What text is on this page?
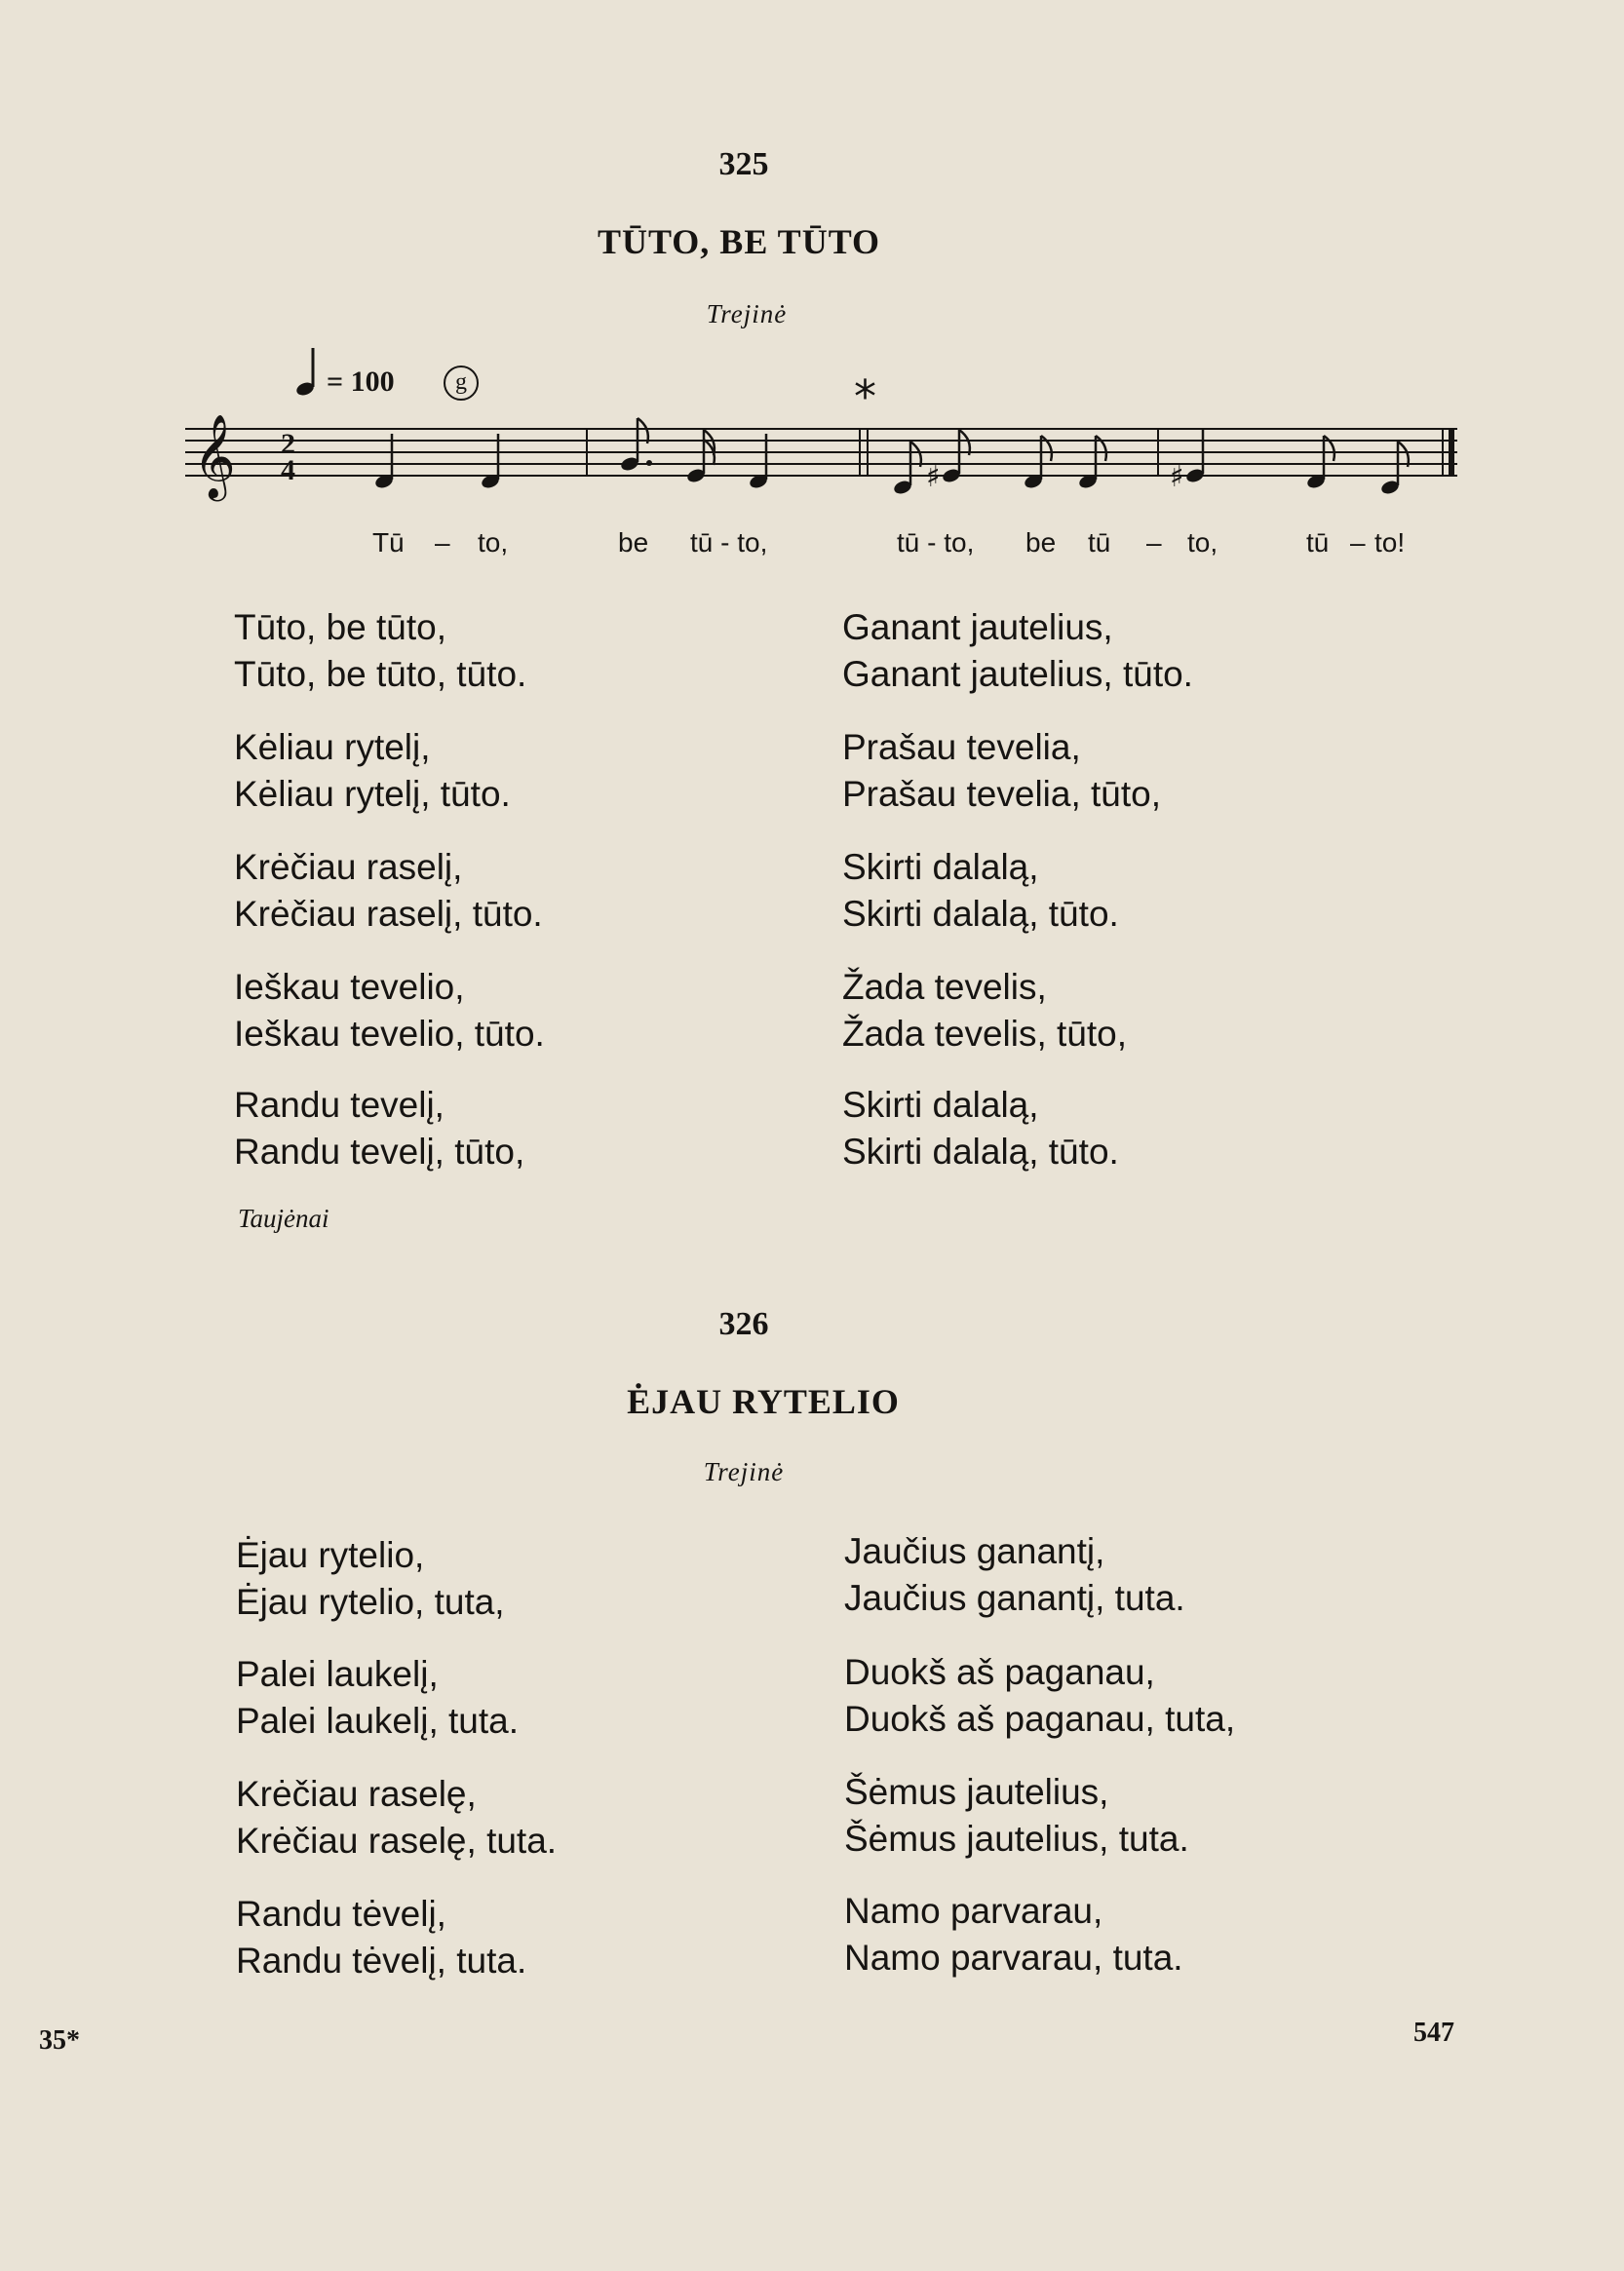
325
TŪTO, BE TŪTO
Trejinė
= 100	g	*
𝄞 2
4	♯	♯
Tū – to,	be tū - to,	tū - to, be tū – to,	tū – to!
Tūto, be tūto,
Tūto, be tūto, tūto.
Kėliau rytelį,
Kėliau rytelį, tūto.
Krėčiau raselį,
Krėčiau raselį, tūto.
Ieškau tevelio,
Ieškau tevelio, tūto.
Randu tevelį,
Randu tevelį, tūto,
Ganant jautelius,
Ganant jautelius, tūto.
Prašau tevelia,
Prašau tevelia, tūto,
Skirti dalalą,
Skirti dalalą, tūto.
Žada tevelis,
Žada tevelis, tūto,
Skirti dalalą,
Skirti dalalą, tūto.
Taujėnai
326
ĖJAU RYTELIO
Trejinė
Ėjau rytelio,
Ėjau rytelio, tuta,
Palei laukelį,
Palei laukelį, tuta.
Krėčiau raselę,
Krėčiau raselę, tuta.
Randu tėvelį,
Randu tėvelį, tuta.
Jaučius ganantį,
Jaučius ganantį, tuta.
Duokš aš paganau,
Duokš aš paganau, tuta,
Šėmus jautelius,
Šėmus jautelius, tuta.
Namo parvarau,
Namo parvarau, tuta.
35*	547
